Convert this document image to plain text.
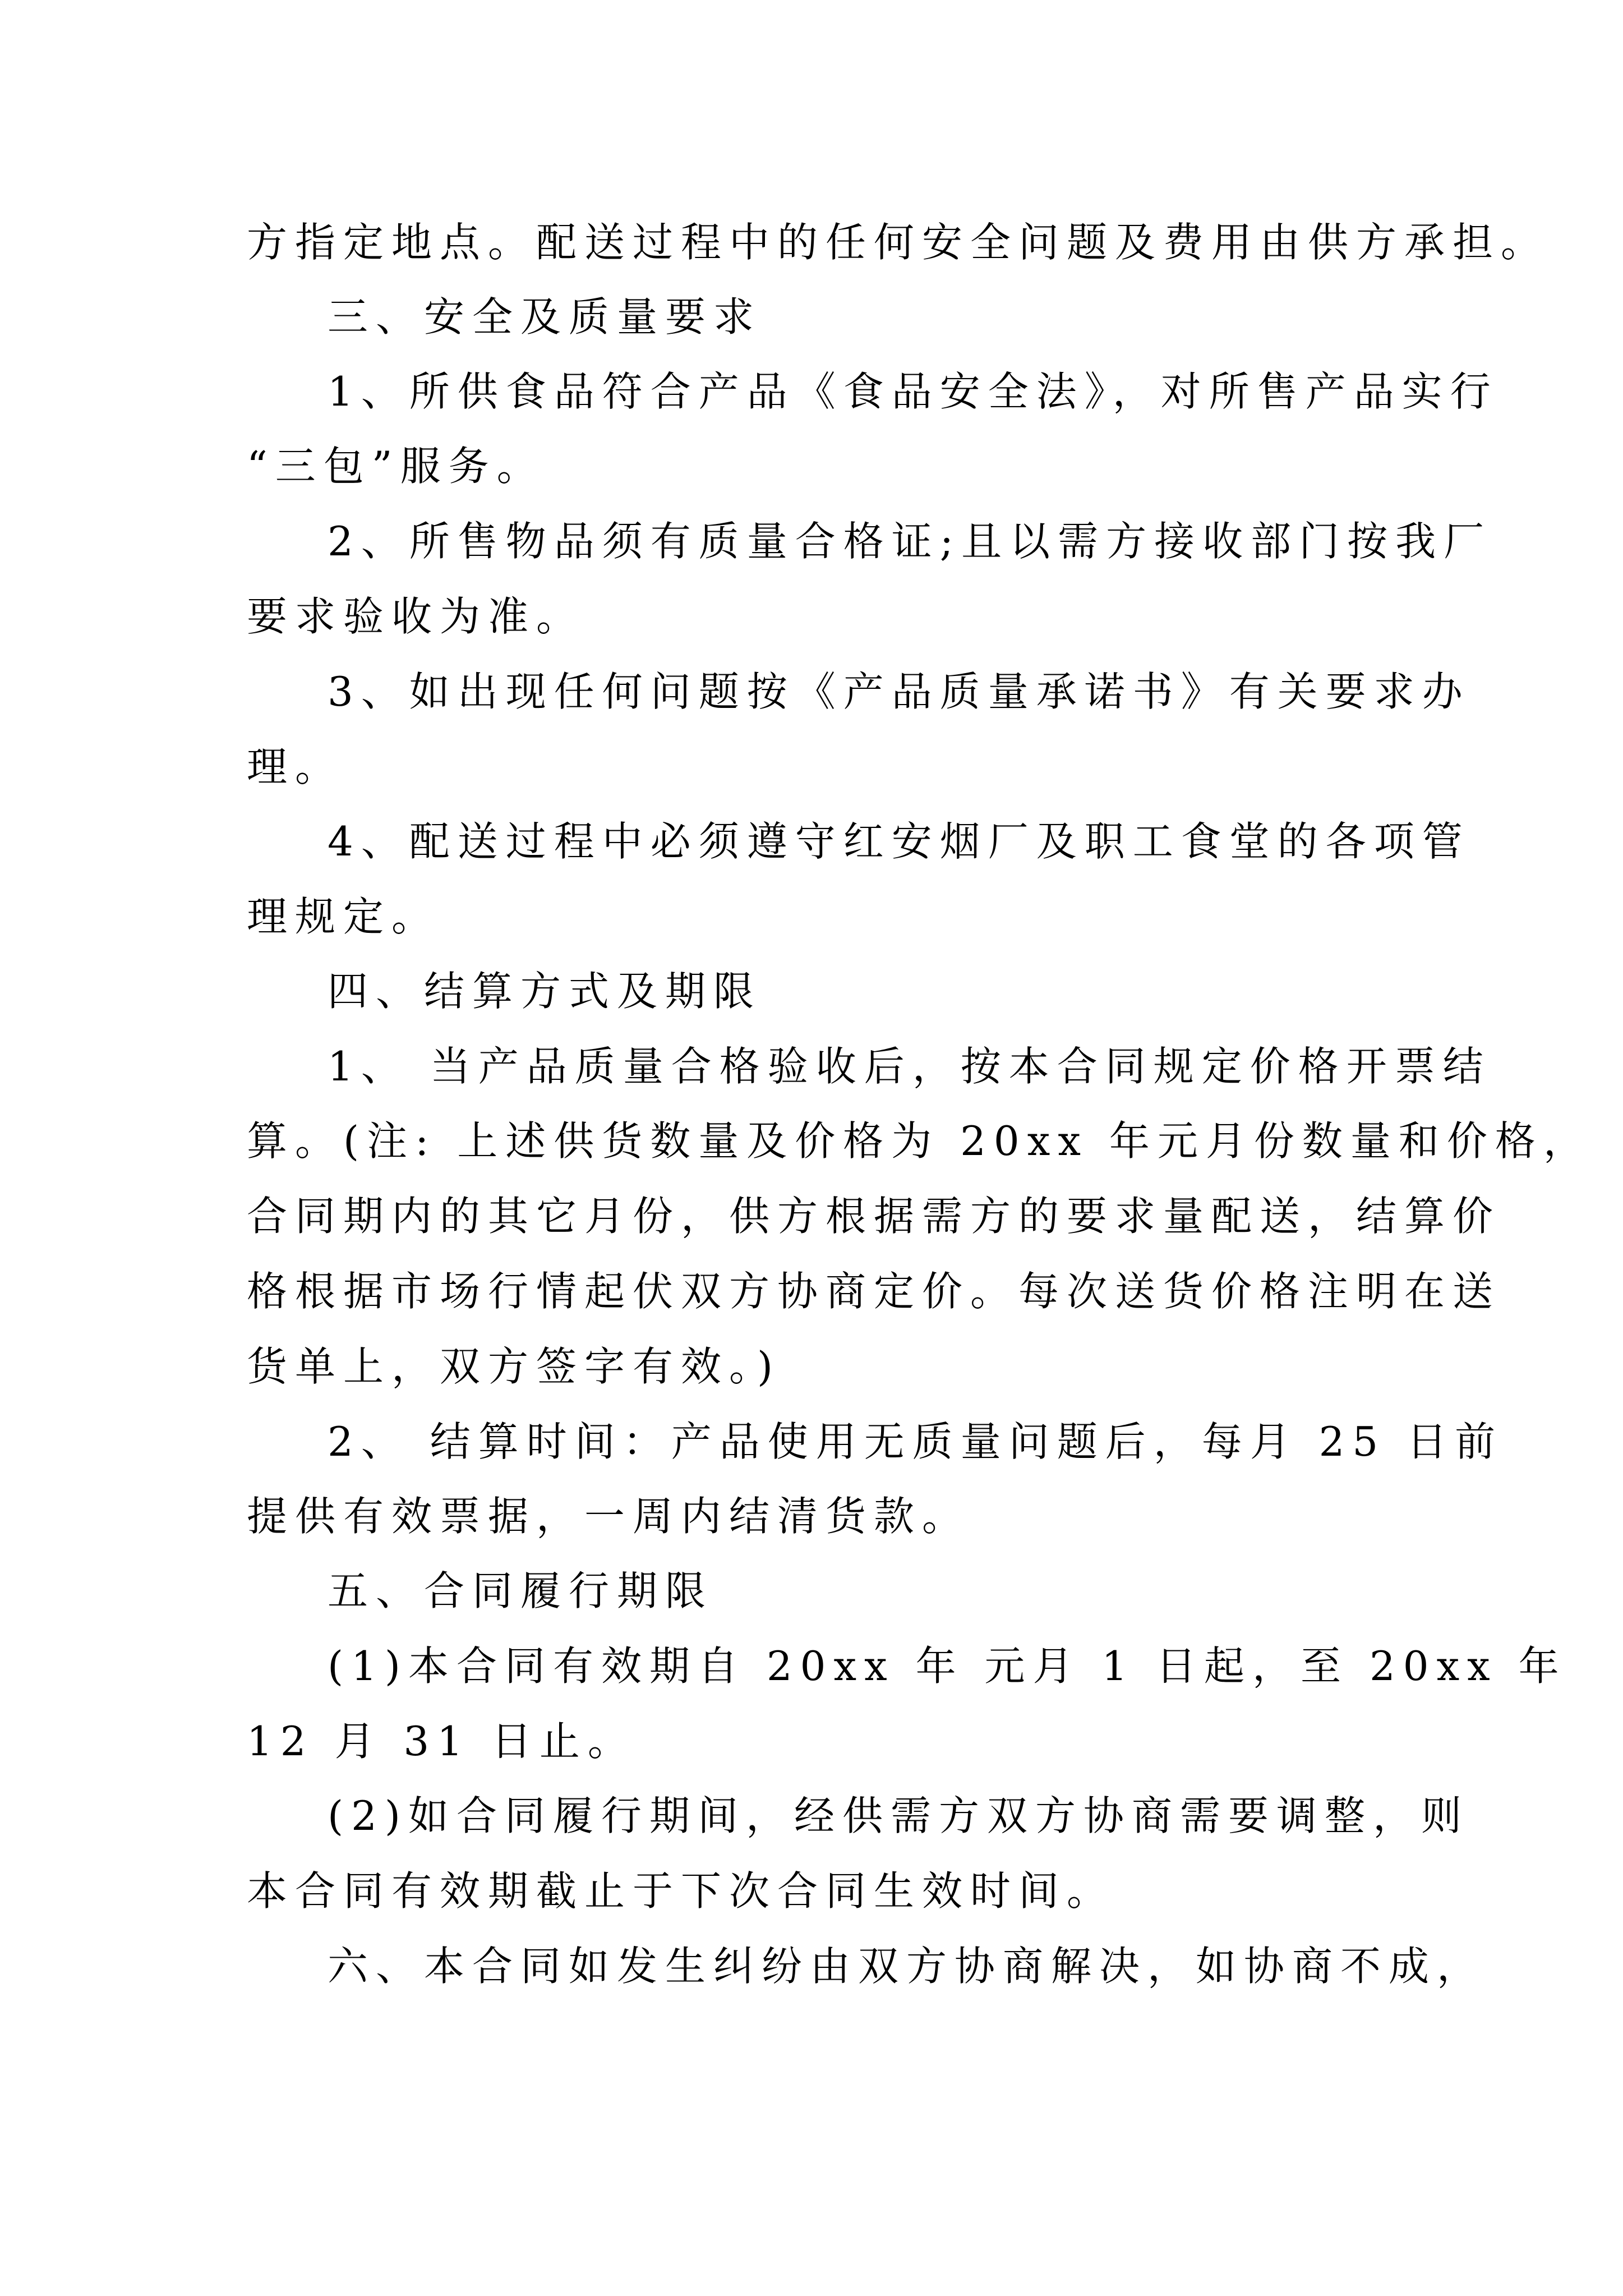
方指定地点。配送过程中的任何安全问题及费用由供方承担。
三、安全及质量要求
1、所供食品符合产品《食品安全法》，对所售产品实行
“三包”服务。
2、所售物品须有质量合格证;且以需方接收部门按我厂
要求验收为准。
3、如出现任何问题按《产品质量承诺书》有关要求办
理。
4、配送过程中必须遵守红安烟厂及职工食堂的各项管
理规定。
四、结算方式及期限
1、 当产品质量合格验收后，按本合同规定价格开票结
算。(注: 上述供货数量及价格为 20xx 年元月份数量和价格，
合同期内的其它月份，供方根据需方的要求量配送，结算价
格根据市场行情起伏双方协商定价。每次送货价格注明在送
货单上，双方签字有效。)
2、 结算时间：产品使用无质量问题后，每月 25 日前
提供有效票据，一周内结清货款。
五、合同履行期限
(1)本合同有效期自 20xx 年 元月 1 日起，至 20xx 年
12 月 31 日止。
(2)如合同履行期间，经供需方双方协商需要调整，则
本合同有效期截止于下次合同生效时间。
六、本合同如发生纠纷由双方协商解决，如协商不成，
